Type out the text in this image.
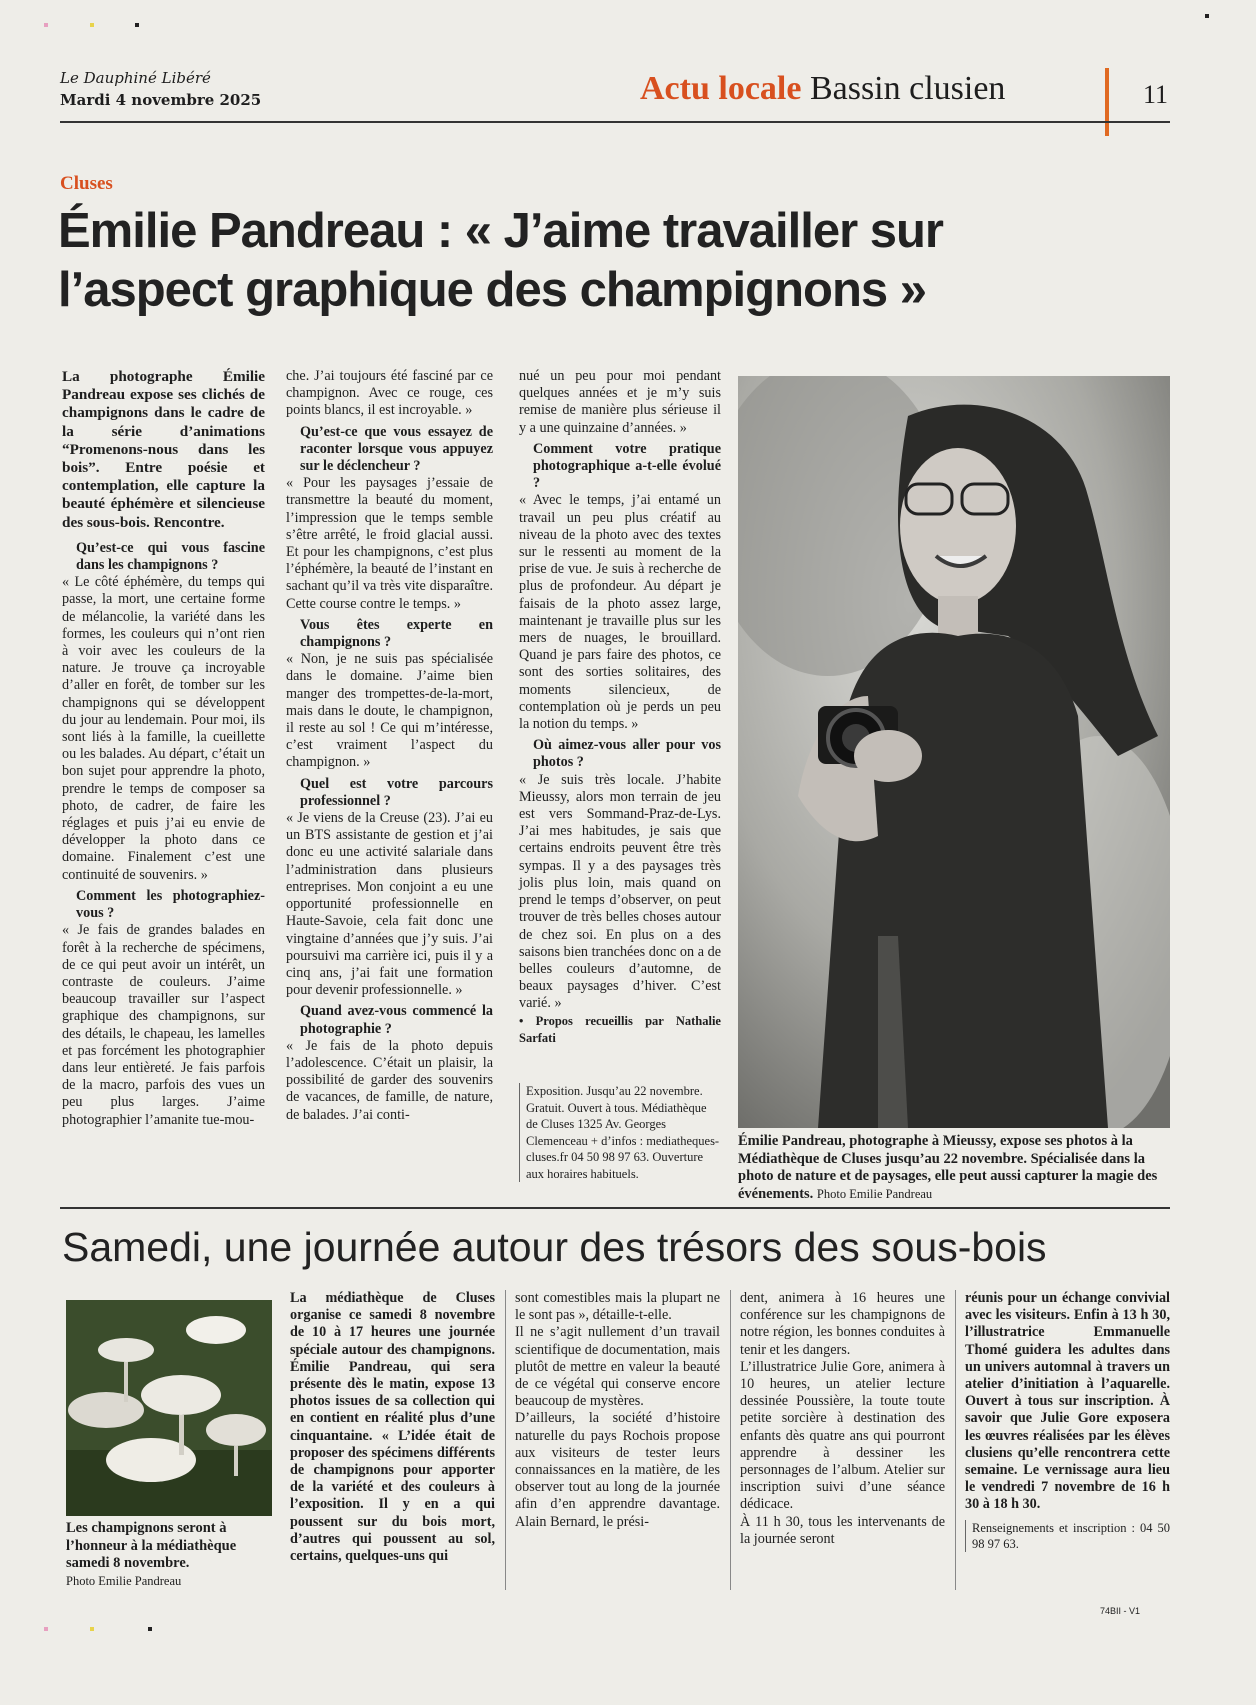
Le Dauphiné Libéré
Mardi 4 novembre 2025	Actu locale Bassin clusien	11
Cluses
Émilie Pandreau : « J’aime travailler sur
l’aspect graphique des champignons »

La photographe Émilie Pandreau expose ses clichés de champignons dans le cadre de la série d’animations “Promenons-nous dans les bois”. Entre poésie et contemplation, elle capture la beauté éphémère et silencieuse des sous-bois. Rencontre.

Qu’est-ce qui vous fascine dans les champignons ?

« Le côté éphémère, du temps qui passe, la mort, une certaine forme de mélancolie, la variété dans les formes, les couleurs qui n’ont rien à voir avec les couleurs de la nature. Je trouve ça incroyable d’aller en forêt, de tomber sur les champignons qui se développent du jour au lendemain. Pour moi, ils sont liés à la famille, la cueillette ou les balades. Au départ, c’était un bon sujet pour apprendre la photo, prendre le temps de composer sa photo, de cadrer, de faire les réglages et puis j’ai eu envie de développer la photo dans ce domaine. Finalement c’est une continuité de souvenirs. »

Comment les photographiez-vous ?

« Je fais de grandes balades en forêt à la recherche de spécimens, de ce qui peut avoir un intérêt, un contraste de couleurs. J’aime beaucoup travailler sur l’aspect graphique des champignons, sur des détails, le chapeau, les lamelles et pas forcément les photographier dans leur entièreté. Je fais parfois de la macro, parfois des vues un peu plus larges. J’aime photographier l’amanite tue-mou-

che. J’ai toujours été fasciné par ce champignon. Avec ce rouge, ces points blancs, il est incroyable. »

Qu’est-ce que vous essayez de raconter lorsque vous appuyez sur le déclencheur ?

« Pour les paysages j’essaie de transmettre la beauté du moment, l’impression que le temps semble s’être arrêté, le froid glacial aussi. Et pour les champignons, c’est plus l’éphémère, la beauté de l’instant en sachant qu’il va très vite disparaître. Cette course contre le temps. »

Vous êtes experte en champignons ?

« Non, je ne suis pas spécialisée dans le domaine. J’aime bien manger des trompettes-de-la-mort, mais dans le doute, le champignon, il reste au sol ! Ce qui m’intéresse, c’est vraiment l’aspect du champignon. »

Quel est votre parcours professionnel ?

« Je viens de la Creuse (23). J’ai eu un BTS assistante de gestion et j’ai donc eu une activité salariale dans l’administration dans plusieurs entreprises. Mon conjoint a eu une opportunité professionnelle en Haute-Savoie, cela fait donc une vingtaine d’années que j’y suis. J’ai poursuivi ma carrière ici, puis il y a cinq ans, j’ai fait une formation pour devenir professionnelle. »

Quand avez-vous commencé la photographie ?

« Je fais de la photo depuis l’adolescence. C’était un plaisir, la possibilité de garder des souvenirs de vacances, de famille, de nature, de balades. J’ai conti-

nué un peu pour moi pendant quelques années et je m’y suis remise de manière plus sérieuse il y a une quinzaine d’années. »

Comment votre pratique photographique a-t-elle évolué ?

« Avec le temps, j’ai entamé un travail un peu plus créatif au niveau de la photo avec des textes sur le ressenti au moment de la prise de vue. Je suis à recherche de plus de profondeur. Au départ je faisais de la photo assez large, maintenant je travaille plus sur les mers de nuages, le brouillard. Quand je pars faire des photos, ce sont des sorties solitaires, des moments silencieux, de contemplation où je perds un peu la notion du temps. »

Où aimez-vous aller pour vos photos ?

« Je suis très locale. J’habite Mieussy, alors mon terrain de jeu est vers Sommand-Praz-de-Lys. J’ai mes habitudes, je sais que certains endroits peuvent être très sympas. Il y a des paysages très jolis plus loin, mais quand on prend le temps d’observer, on peut trouver de très belles choses autour de chez soi. En plus on a des saisons bien tranchées donc on a de belles couleurs d’automne, de beaux paysages d’hiver. C’est varié. »

• Propos recueillis par Nathalie Sarfati

Exposition. Jusqu’au 22 novembre. Gratuit. Ouvert à tous. Médiathèque de Cluses 1325 Av. Georges Clemenceau + d’infos : mediatheques-cluses.fr 04 50 98 97 63. Ouverture aux horaires habituels.
Émilie Pandreau, photographe à Mieussy, expose ses photos à la Médiathèque de Cluses jusqu’au 22 novembre. Spécialisée dans la photo de nature et de paysages, elle peut aussi capturer la magie des événements. Photo Emilie Pandreau
Samedi, une journée autour des trésors des sous-bois
Les champignons seront à l’honneur à la médiathèque samedi 8 novembre.
Photo Emilie Pandreau
La médiathèque de Cluses organise ce samedi 8 novembre de 10 à 17 heures une journée spéciale autour des champignons. Émilie Pandreau, qui sera présente dès le matin, expose 13 photos issues de sa collection qui en contient en réalité plus d’une cinquantaine. « L’idée était de proposer des spécimens différents de champignons pour apporter de la variété et des couleurs à l’exposition. Il y en a qui poussent sur du bois mort, d’autres qui poussent au sol, certains, quelques-uns qui
sont comestibles mais la plupart ne le sont pas », détaille-t-elle.
Il ne s’agit nullement d’un travail scientifique de documentation, mais plutôt de mettre en valeur la beauté de ce végétal qui conserve encore beaucoup de mystères.
D’ailleurs, la société d’histoire naturelle du pays Rochois propose aux visiteurs de tester leurs connaissances en la matière, de les observer tout au long de la journée afin d’en apprendre davantage. Alain Bernard, le prési-
dent, animera à 16 heures une conférence sur les champignons de notre région, les bonnes conduites à tenir et les dangers.
L’illustratrice Julie Gore, animera à 10 heures, un atelier lecture dessinée Poussière, la toute toute petite sorcière à destination des enfants dès quatre ans qui pourront apprendre à dessiner les personnages de l’album. Atelier sur inscription suivi d’une séance dédicace.
À 11 h 30, tous les intervenants de la journée seront

réunis pour un échange convivial avec les visiteurs. Enfin à 13 h 30, l’illustratrice Emmanuelle Thomé guidera les adultes dans un univers automnal à travers un atelier d’initiation à l’aquarelle. Ouvert à tous sur inscription. À savoir que Julie Gore exposera les œuvres réalisées par les élèves clusiens qu’elle rencontrera cette semaine. Le vernissage aura lieu le vendredi 7 novembre de 16 h 30 à 18 h 30.

Renseignements et inscription : 04 50 98 97 63.

74BII - V1
